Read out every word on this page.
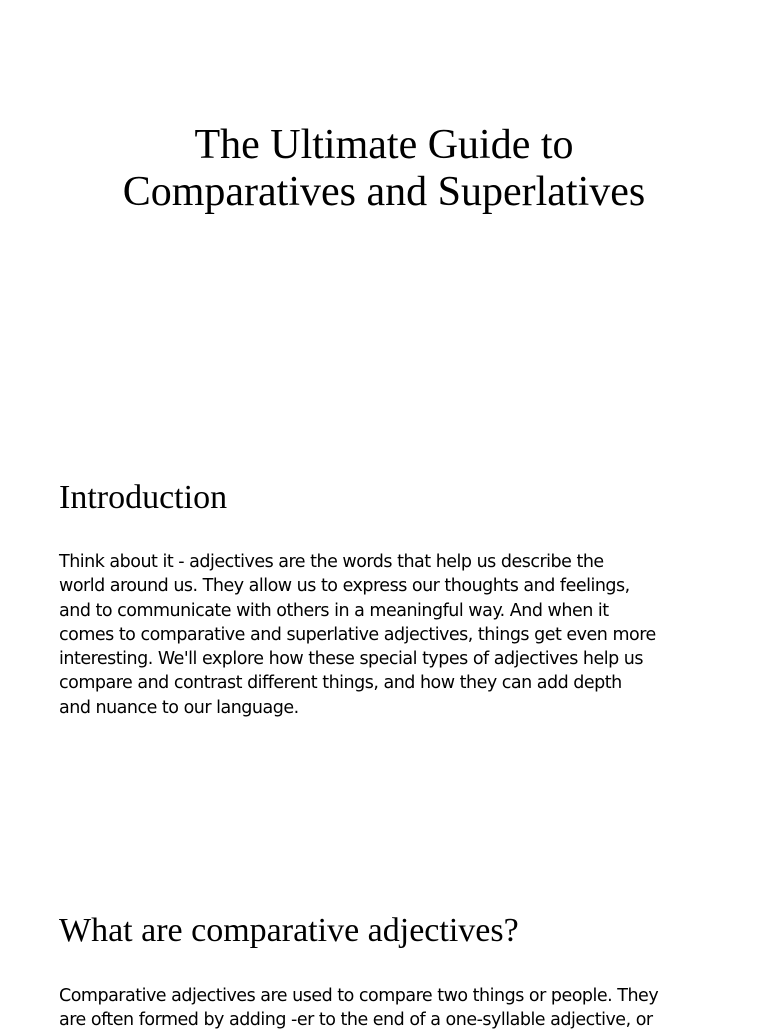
The Ultimate Guide to
Comparatives and Superlatives
Introduction

Think about it - adjectives are the words that help us describe the
world around us. They allow us to express our thoughts and feelings,
and to communicate with others in a meaningful way. And when it
comes to comparative and superlative adjectives, things get even more
interesting. We'll explore how these special types of adjectives help us
compare and contrast different things, and how they can add depth
and nuance to our language.

What are comparative adjectives?

Comparative adjectives are used to compare two things or people. They
are often formed by adding -er to the end of a one-syllable adjective, or
